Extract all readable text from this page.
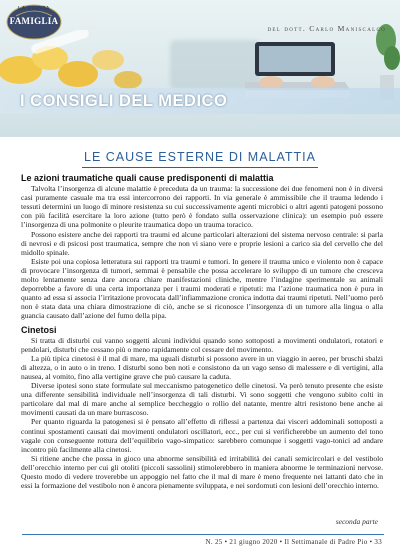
LA PIANTA
FAMIGLIA
del dott. Carlo Maniscalco
I CONSIGLI DEL MEDICO
LE CAUSE ESTERNE DI MALATTIA
Le azioni traumatiche quali cause predisponenti di malattia

Talvolta l’insorgenza di alcune malattie è preceduta da un trauma: la successione dei due fenomeni non è in diversi casi puramente casuale ma tra essi intercorrono dei rapporti. In via generale è ammissibile che il trauma ledendo i tessuti determini un luogo di minore resistenza su cui successivamente agenti microbici o altri agenti patogeni possono con più facilità esercitare la loro azione (tutto però è fondato sulla osservazione clinica): un esempio può essere l’insorgenza di una polmonite o pleurite traumatica dopo un trauma toracico.

Possono esistere anche dei rapporti tra traumi ed alcune particolari alterazioni del sistema nervoso centrale: si parla di nevrosi e di psicosi post traumatica, sempre che non vi siano vere e proprie lesioni a carico sia del cervello che del midollo spinale.

Esiste poi una copiosa letteratura sui rapporti tra traumi e tumori. In genere il trauma unico e violento non è capace di provocare l’insorgenza di tumori, semmai è pensabile che possa accelerare lo sviluppo di un tumore che cresceva molto lentamente senza dare ancora chiare manifestazioni cliniche, mentre l’indagine sperimentale su animali deporrebbe a favore di una certa importanza per i traumi moderati e ripetuti: ma l’azione traumatica non è pura in quanto ad essa si associa l’irritazione provocata dall’infiammazione cronica indotta dai traumi ripetuti. Nell’uomo però non è stata data una chiara dimostrazione di ciò, anche se si riconosce l’insorgenza di un tumore alla lingua o alla guancia causato dall’azione del fumo della pipa.

Cinetosi

Si tratta di disturbi cui vanno soggetti alcuni individui quando sono sottoposti a movimenti ondulatori, rotatori e pendolari, disturbi che cessano più o meno rapidamente col cessare del movimento.

La più tipica cinetosi è il mal di mare, ma uguali disturbi si possono avere in un viaggio in aereo, per bruschi sbalzi di altezza, o in auto o in treno. I disturbi sono ben noti e consistono da un vago senso di malessere e di vertigini, alla nausea, al vomito, fino alla vertigine grave che può causare la caduta.

Diverse ipotesi sono state formulate sul meccanismo patogenetico delle cinetosi. Va però tenuto presente che esiste una differente sensibilità individuale nell’insorgenza di tali disturbi. Vi sono soggetti che vengono subito colti in particolare dal mal di mare anche al semplice beccheggio o rollio del natante, mentre altri resistono bene anche ai movimenti causati da un mare burrascoso.

Per quanto riguarda la patogenesi si è pensato all’effetto di riflessi a partenza dai visceri addominali sottoposti a continui spostamenti causati dai movimenti ondulatori oscillatori, ecc., per cui si verificherebbe un aumento del tono vagale con conseguente rottura dell’equilibrio vago-simpatico: sarebbero comunque i soggetti vago-tonici ad andare incontro più facilmente alla cinetosi.

Si ritiene anche che possa in gioco una abnorme sensibilità ed irritabilità dei canali semicircolari e del vestibolo dell’orecchio interno per cui gli otoliti (piccoli sassolini) stimolerebbero in maniera abnorme le terminazioni nervose. Questo modo di vedere troverebbe un appoggio nel fatto che il mal di mare è meno frequente nei lattanti dato che in essi la formazione del vestibolo non è ancora pienamente sviluppata, e nei sordomuti con lesioni dell’orecchio interno.

seconda parte
N. 25 • 21 giugno 2020 • Il Settimanale di Padre Pio • 33
